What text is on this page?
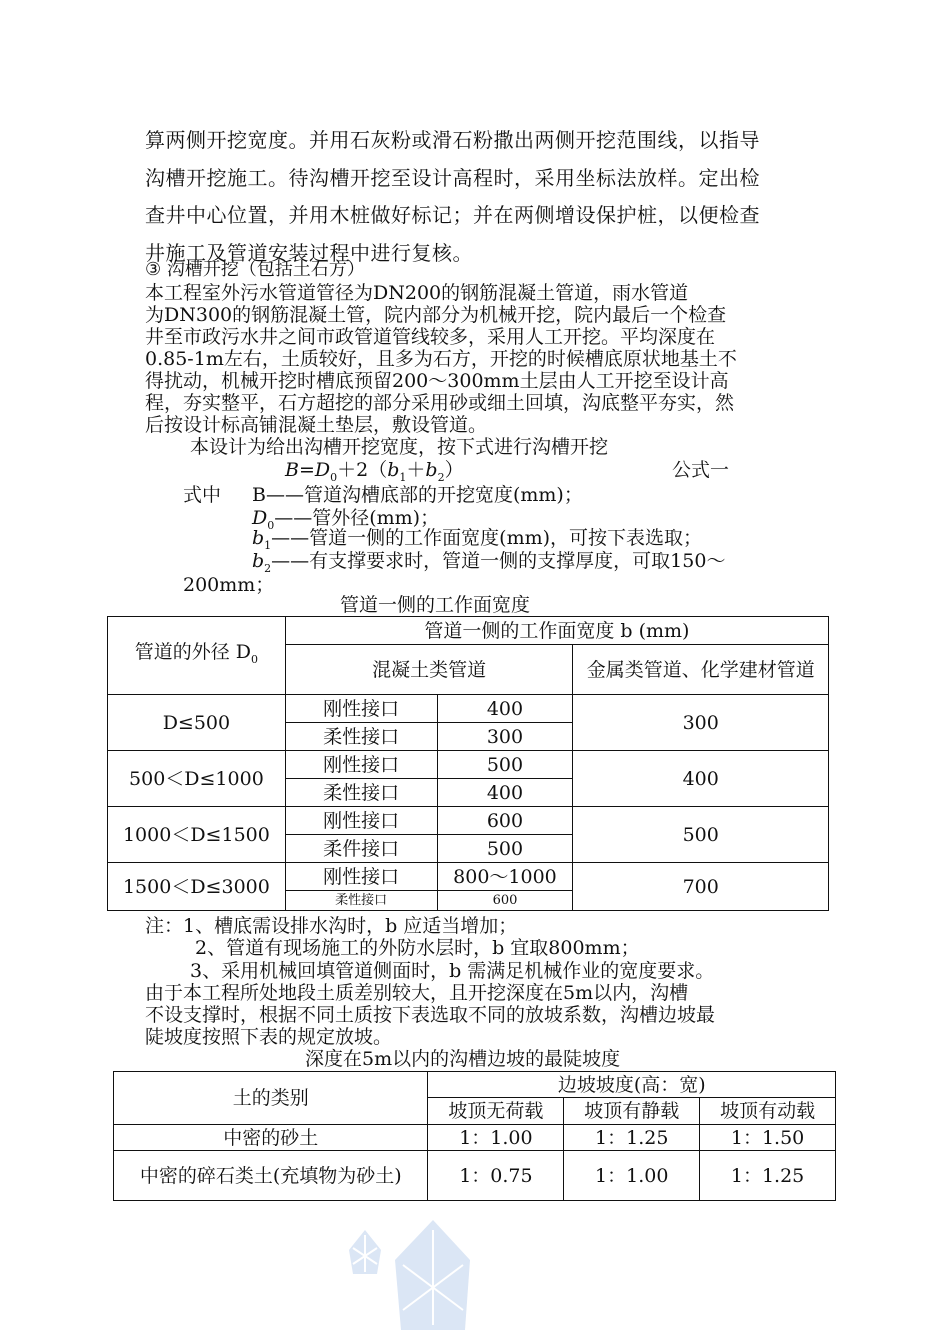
算两侧开挖宽度。并用石灰粉或滑石粉撒出两侧开挖范围线，以指导
沟槽开挖施工。待沟槽开挖至设计高程时，采用坐标法放样。定出检
查井中心位置，并用木桩做好标记；并在两侧增设保护桩，以便检查
井施工及管道安装过程中进行复核。
③ 沟槽开挖（包括土石方）
本工程室外污水管道管径为DN200的钢筋混凝土管道，雨水管道
为DN300的钢筋混凝土管，院内部分为机械开挖，院内最后一个检查
井至市政污水井之间市政管道管线较多，采用人工开挖。平均深度在
0.85-1m左右，土质较好，且多为石方，开挖的时候槽底原状地基土不
得扰动，机械开挖时槽底预留200～300mm土层由人工开挖至设计高
程，夯实整平，石方超挖的部分采用砂或细土回填，沟底整平夯实，然
后按设计标高铺混凝土垫层，敷设管道。
本设计为给出沟槽开挖宽度，按下式进行沟槽开挖
$B=D_0+2(b_1+b_2)$	公式一
式中 B——管道沟槽底部的开挖宽度(mm)；
$D_0——$管外径(mm)；
$b_1——$管道一侧的工作面宽度(mm)，可按下表选取；
$b_2——$有支撑要求时，管道一侧的支撑厚度，可取150～
200mm；
管道一侧的工作面宽度
管道的外径 $D_0$	管道一侧的工作面宽度 b (mm)		
	混凝土类管道		金属类管道、化学建材管道
D≤500	刚性接口	400	300
	柔性接口	300	
500＜D≤1000	刚性接口	500	400
	柔性接口	400	
1000＜D≤1500	刚性接口	600	500
	柔件接口	500	
1500＜D≤3000	刚性接口	800～1000	700
	柔性接口	600	
注：1、槽底需设排水沟时，b 应适当增加；
2、管道有现场施工的外防水层时，b 宜取800mm；
3、采用机械回填管道侧面时，b 需满足机械作业的宽度要求。
由于本工程所处地段土质差别较大，且开挖深度在5m以内，沟槽
不设支撑时，根据不同土质按下表选取不同的放坡系数，沟槽边坡最
陡坡度按照下表的规定放坡。
深度在5m以内的沟槽边坡的最陡坡度
土的类别	边坡坡度(高：宽)		
	坡顶无荷载	坡顶有静载	坡顶有动载
中密的砂土	1：1.00	1：1.25	1：1.50
中密的碎石类土(充填物为砂土)	1：0.75	1：1.00	1：1.25
